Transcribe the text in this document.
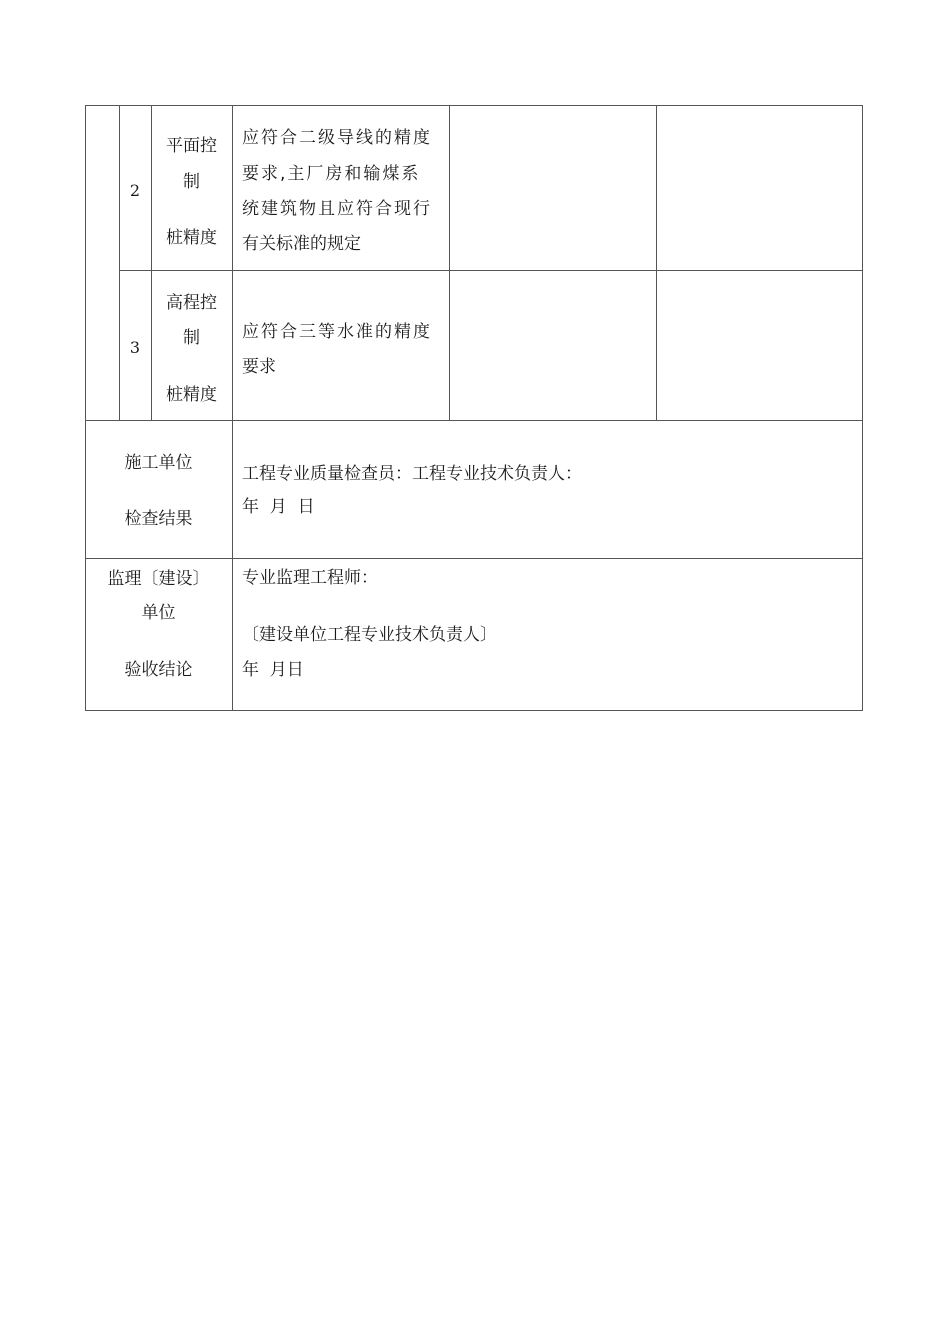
2
平面控
制
桩精度
应符合二级导线的精度
要求,主厂房和输煤系
统建筑物且应符合现行
有关标准的规定
3
高程控
制
桩精度
应符合三等水准的精度
要求
施工单位
检查结果
工程专业质量检查员：工程专业技术负责人：
年  月  日
监理〔建设〕
单位
验收结论
专业监理工程师：
〔建设单位工程专业技术负责人〕
年  月日
